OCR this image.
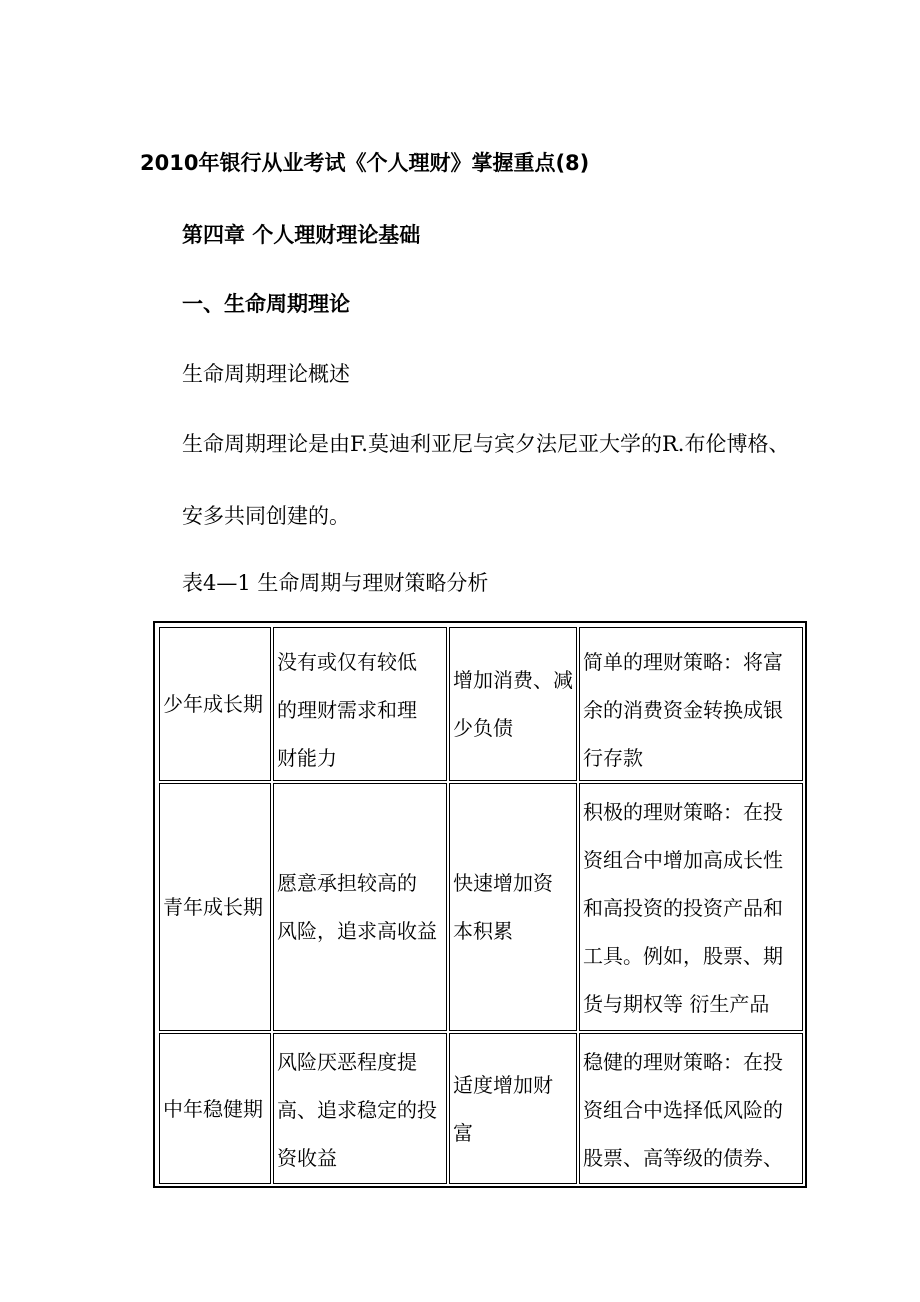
2010年银行从业考试《个人理财》掌握重点(8)
第四章 个人理财理论基础
一、生命周期理论
生命周期理论概述
生命周期理论是由F.莫迪利亚尼与宾夕法尼亚大学的R.布伦博格、
安多共同创建的。
表4—1 生命周期与理财策略分析
少年成长期
没有或仅有较低
的理财需求和理
财能力
增加消费、减
少负债
简单的理财策略：将富
余的消费资金转换成银
行存款
青年成长期
愿意承担较高的
风险，追求高收益
快速增加资
本积累
积极的理财策略：在投
资组合中增加高成长性
和高投资的投资产品和
工具。例如，股票、期
货与期权等 衍生产品
中年稳健期
风险厌恶程度提
高、追求稳定的投
资收益
适度增加财
富
稳健的理财策略：在投
资组合中选择低风险的
股票、高等级的债券、
